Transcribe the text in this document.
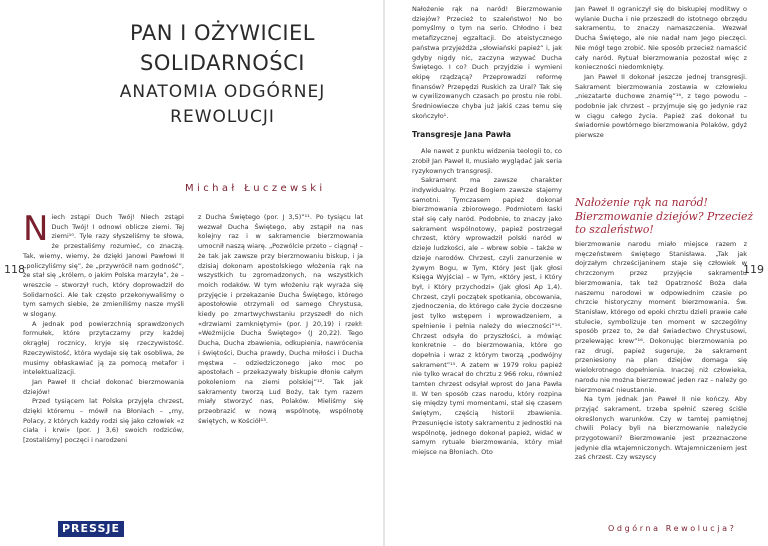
118	119
PAN I OŻYWICIEL
SOLIDARNOŚCI
ANATOMIA ODGÓRNEJ
REWOLUCJI
Michał Łuczewski

Niech zstąpi Duch Twój! Niech zstąpi Duch Twój! I odnowi oblicze ziemi. Tej ziemi¹⁰. Tyle razy słyszeliśmy te słowa, że przestaliśmy rozumieć, co znaczą. Tak, wiemy, wiemy, że dzięki Janowi Pawłowi II „policzyliśmy się”, że „przywrócił nam godność”, że stał się „królem, o jakim Polska marzyła”, że – wreszcie – stworzył ruch, który doprowadził do Solidarności. Ale tak często przekonywaliśmy o tym samych siebie, że zmieniliśmy nasze myśli w slogany.

A jednak pod powierzchnią sprawdzonych formułek, które przytaczamy przy każdej okrągłej rocznicy, kryje się rzeczywistość. Rzeczywistość, która wydaje się tak osobliwa, że musimy obłaskawiać ją za pomocą metafor i intelektualizacji.

Jan Paweł II chciał dokonać bierzmowania dziejów!

Przed tysiącem lat Polska przyjęła chrzest, dzięki któremu – mówił na Błoniach – „my, Polacy, z których każdy rodzi się jako człowiek «z ciała i krwi» (por. J 3,6) swoich rodziców, [zostaliśmy] poczęci i narodzeni

z Ducha Świętego (por. J 3,5)”¹¹. Po tysiącu lat wezwał Ducha Świętego, aby zstąpił na nas kolejny raz i w sakramencie bierzmowania umocnił naszą wiarę. „Pozwólcie przeto – ciągnął – że tak jak zawsze przy bierzmowaniu biskup, i ja dzisiaj dokonam apostolskiego włożenia rąk na wszystkich tu zgromadzonych, na wszystkich moich rodaków. W tym włożeniu rąk wyraża się przyjęcie i przekazanie Ducha Świętego, którego apostołowie otrzymali od samego Chrystusa, kiedy po zmartwychwstaniu przyszedł do nich «drzwiami zamkniętymi» (por. J 20,19) i rzekł: «Weźmijcie Ducha Świętego» (J 20,22). Tego Ducha, Ducha zbawienia, odkupienia, nawrócenia i świętości, Ducha prawdy, Ducha miłości i Ducha męstwa – odziedziczonego jako moc po apostołach – przekazywały biskupie dłonie całym pokoleniom na ziemi polskiej”¹². Tak jak sakramenty tworzą Lud Boży, tak tym razem miały stworzyć nas, Polaków. Mieliśmy się przeobrazić w nową wspólnotę, wspólnotę świętych, w Kościół¹³.

PRESSJE

Nałożenie rąk na naród! Bierzmowanie dziejów? Przecież to szaleństwo! No bo pomyślmy o tym na serio. Chłodno i bez metafizycznej egzaltacji. Do ateistycznego państwa przyjeżdża „słowiański papież” i, jak gdyby nigdy nic, zaczyna wzywać Ducha Świętego. I co? Duch przyjdzie i wymieni ekipę rządzącą? Przeprowadzi reformę finansów? Przepędzi Ruskich za Ural? Tak się w cywilizowanych czasach po prostu nie robi. Średniowiecze chyba już jakiś czas temu się skończyło¹.

Transgresje Jana Pawła

Ale nawet z punktu widzenia teologii to, co zrobił Jan Paweł II, musiało wyglądać jak seria ryzykownych transgresji.

Sakrament ma zawsze charakter indywidualny. Przed Bogiem zawsze stajemy samotni. Tymczasem papież dokonał bierzmowania zbiorowego. Podmiotem łaski stał się cały naród. Podobnie, to znaczy jako sakrament wspólnotowy, papież postrzegał chrzest, który wprowadził polski naród w dzieje ludzkości, ale – wbrew sobie – także w dzieje narodów. Chrzest, czyli zanurzenie w żywym Bogu, w Tym, Który Jest (jak głosi Księga Wyjścia) – w Tym, «Który jest, i Który był, i Który przychodzi» (jak głosi Ap 1,4). Chrzest, czyli początek spotkania, obcowania, zjednoczenia, do którego całe życie doczesne jest tylko wstępem i wprowadzeniem, a spełnienie i pełnia należy do wieczności”¹⁴. Chrzest odsyła do przyszłości, a mówiąc konkretnie – do bierzmowania, które go dopełnia i wraz z którym tworzą „podwójny sakrament”¹⁵. A zatem w 1979 roku papież nie tylko wracał do chrztu z 966 roku, również tamten chrzest odsyłał wprost do Jana Pawła II. W ten sposób czas narodu, który rozpina się między tymi momentami, stał się czasem świętym, częścią historii zbawienia. Przesunięcie istoty sakramentu z jednostki na wspólnotę, jednego dokonał papież, widać w samym rytuale bierzmowania, który miał miejsce na Błoniach. Oto

Jan Paweł II ograniczył się do biskupiej modlitwy o wylanie Ducha i nie przeszedł do istotnego obrzędu sakramentu, to znaczy namaszczenia. Wezwał Ducha Świętego, ale nie nadał nam Jego pieczęci. Nie mógł tego zrobić. Nie sposób przecież namaścić cały naród. Rytuał bierzmowania pozostał więc z konieczności niedomknięty.

Jan Paweł II dokonał jeszcze jednej transgresji. Sakrament bierzmowania zostawia w człowieku „niezatarte duchowe znamię”¹⁶, z tego powodu – podobnie jak chrzest – przyjmuje się go jedynie raz w ciągu całego życia. Papież zaś dokonał tu świadomie powtórnego bierzmowania Polaków, gdyż pierwsze

Nałożenie rąk na naród! Bierzmowanie dziejów? Przecież to szaleństwo!

bierzmowanie narodu miało miejsce razem z męczeństwem świętego Stanisława. „Tak jak dojrzałym chrześcijaninem staje się człowiek w chrzczonym przez przyjęcie sakramentu bierzmowania, tak też Opatrzność Boża dała naszemu narodowi w odpowiednim czasie po chrzcie historyczny moment bierzmowania. Św. Stanisław, którego od epoki chrztu dzieli prawie całe stulecie, symbolizuje ten moment w szczególny sposób przez to, że dał świadectwo Chrystusowi, przelewając krew”¹⁶. Dokonując bierzmowania po raz drugi, papież sugeruje, że sakrament przeniesiony na plan dziejów domaga się wielokrotnego dopełnienia. Inaczej niż człowieka, narodu nie można bierzmować jeden raz – należy go bierzmować nieustannie.

Na tym jednak Jan Paweł II nie kończy. Aby przyjąć sakrament, trzeba spełnić szereg ściśle określonych warunków. Czy w tamtej pamiętnej chwili Polacy byli na bierzmowanie należycie przygotowani? Bierzmowanie jest przeznaczone jedynie dla wtajemniczonych. Wtajemniczeniem jest zaś chrzest. Czy wszyscy

Odgórna Rewolucja?
